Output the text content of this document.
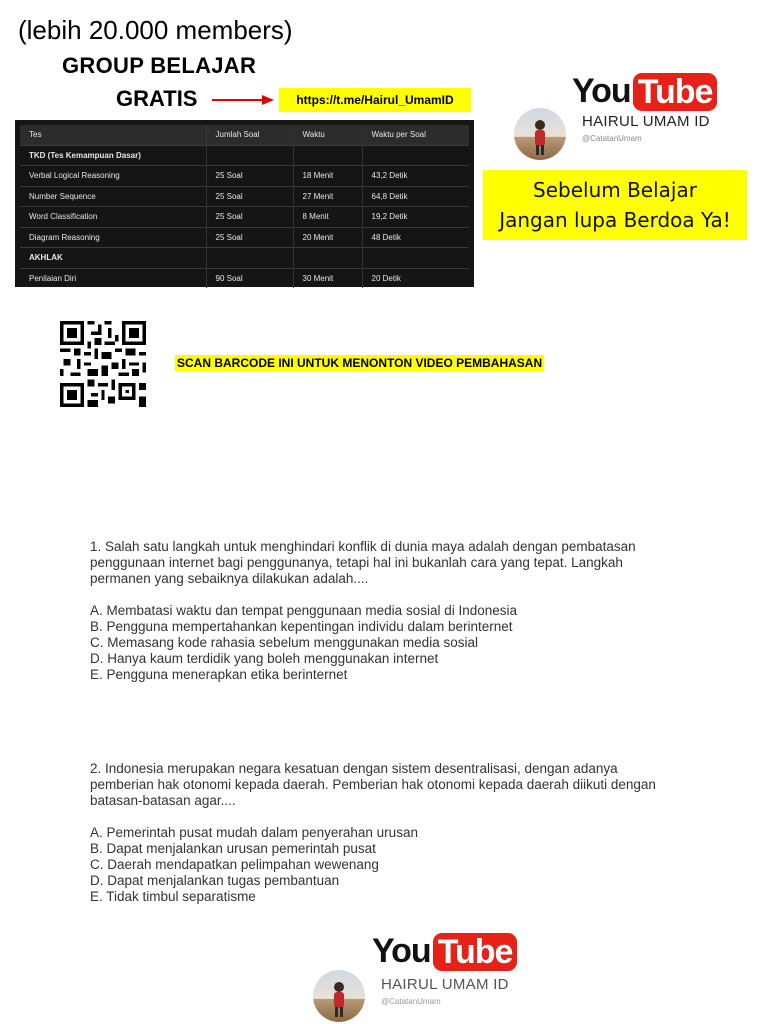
(lebih 20.000 members)
GROUP BELAJAR
GRATIS	https://t.me/Hairul_UmamID
Tes	Jumlah Soal	Waktu	Waktu per Soal
TKD (Tes Kemampuan Dasar)			
Verbal Logical Reasoning	25 Soal	18 Menit	43,2 Detik
Number Sequence	25 Soal	27 Menit	64,8 Detik
Word Classification	25 Soal	8 Menit	19,2 Detik
Diagram Reasoning	25 Soal	20 Menit	48 Detik
AKHLAK			
Penilaian Diri	90 Soal	30 Menit	20 Detik
You Tube
HAIRUL UMAM ID
@CatatanUmam
Sebelum Belajar
Jangan lupa Berdoa Ya!
SCAN BARCODE INI UNTUK MENONTON VIDEO PEMBAHASAN
1. Salah satu langkah untuk menghindari konflik di dunia maya adalah dengan pembatasan
penggunaan internet bagi penggunanya, tetapi hal ini bukanlah cara yang tepat. Langkah
permanen yang sebaiknya dilakukan adalah....
A. Membatasi waktu dan tempat penggunaan media sosial di Indonesia
B. Pengguna mempertahankan kepentingan individu dalam berinternet
C. Memasang kode rahasia sebelum menggunakan media sosial
D. Hanya kaum terdidik yang boleh menggunakan internet
E. Pengguna menerapkan etika berinternet
2. Indonesia merupakan negara kesatuan dengan sistem desentralisasi, dengan adanya
pemberian hak otonomi kepada daerah. Pemberian hak otonomi kepada daerah diikuti dengan
batasan-batasan agar....
A. Pemerintah pusat mudah dalam penyerahan urusan
B. Dapat menjalankan urusan pemerintah pusat
C. Daerah mendapatkan pelimpahan wewenang
D. Dapat menjalankan tugas pembantuan
E. Tidak timbul separatisme
You Tube
HAIRUL UMAM ID
@CatatanUmam
